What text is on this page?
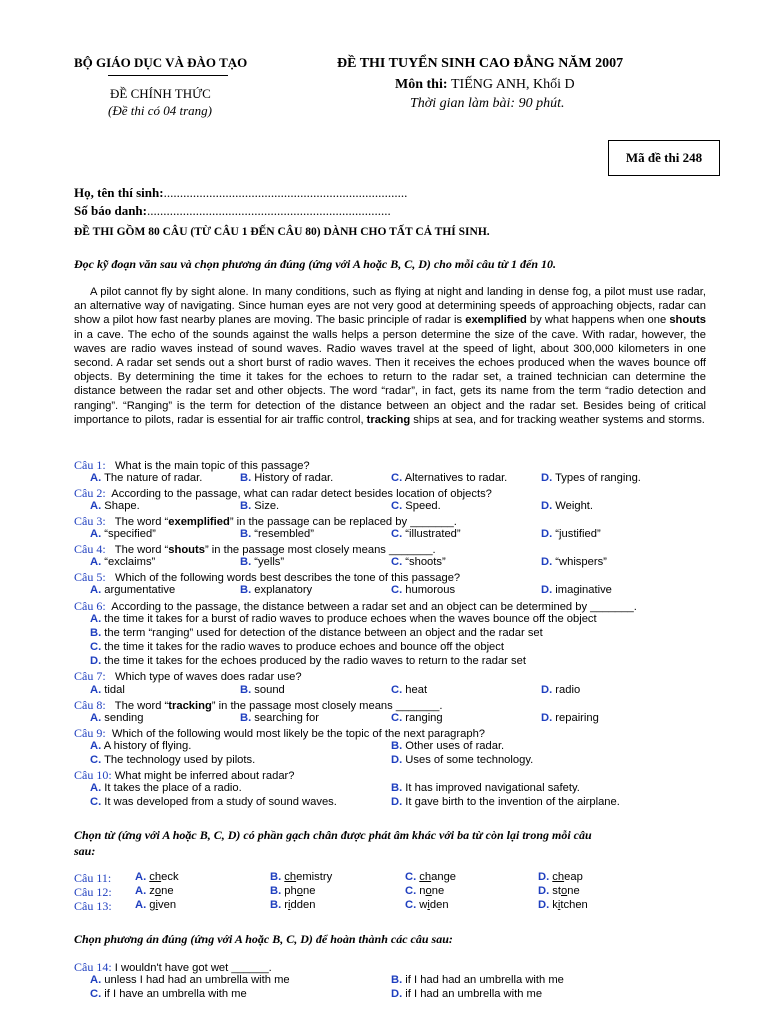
BỘ GIÁO DỤC VÀ ĐÀO TẠO
ĐỀ CHÍNH THỨC
(Đề thi có 04 trang)
ĐỀ THI TUYỂN SINH CAO ĐẲNG NĂM 2007
Môn thi: TIẾNG ANH, Khối D
Thời gian làm bài: 90 phút.
Mã đề thi 248
Họ, tên thí sinh:...........................................................................
Số báo danh:...........................................................................
ĐỀ THI GỒM 80 CÂU (TỪ CÂU 1 ĐẾN CÂU 80) DÀNH CHO TẤT CẢ THÍ SINH.
Đọc kỹ đoạn văn sau và chọn phương án đúng (ứng với A hoặc B, C, D) cho mỗi câu từ 1 đến 10.
A pilot cannot fly by sight alone. In many conditions, such as flying at night and landing in dense fog, a pilot must use radar, an alternative way of navigating. Since human eyes are not very good at determining speeds of approaching objects, radar can show a pilot how fast nearby planes are moving. The basic principle of radar is exemplified by what happens when one shouts in a cave. The echo of the sounds against the walls helps a person determine the size of the cave. With radar, however, the waves are radio waves instead of sound waves. Radio waves travel at the speed of light, about 300,000 kilometers in one second. A radar set sends out a short burst of radio waves. Then it receives the echoes produced when the waves bounce off objects. By determining the time it takes for the echoes to return to the radar set, a trained technician can determine the distance between the radar set and other objects. The word “radar”, in fact, gets its name from the term “radio detection and ranging”. “Ranging” is the term for detection of the distance between an object and the radar set. Besides being of critical importance to pilots, radar is essential for air traffic control, tracking ships at sea, and for tracking weather systems and storms.
Câu 1: What is the main topic of this passage?
A. The nature of radar.	B. History of radar.	C. Alternatives to radar.	D. Types of ranging.
Câu 2: According to the passage, what can radar detect besides location of objects?
A. Shape.	B. Size.	C. Speed.	D. Weight.
Câu 3: The word “exemplified” in the passage can be replaced by _______.
A. “specified”	B. “resembled”	C. “illustrated”	D. “justified”
Câu 4: The word “shouts” in the passage most closely means _______.
A. “exclaims”	B. “yells”	C. “shoots”	D. “whispers”
Câu 5: Which of the following words best describes the tone of this passage?
A. argumentative	B. explanatory	C. humorous	D. imaginative
Câu 6: According to the passage, the distance between a radar set and an object can be determined by _______.
A. the time it takes for a burst of radio waves to produce echoes when the waves bounce off the object
B. the term “ranging” used for detection of the distance between an object and the radar set
C. the time it takes for the radio waves to produce echoes and bounce off the object
D. the time it takes for the echoes produced by the radio waves to return to the radar set
Câu 7: Which type of waves does radar use?
A. tidal	B. sound	C. heat	D. radio
Câu 8: The word “tracking” in the passage most closely means _______.
A. sending	B. searching for	C. ranging	D. repairing
Câu 9: Which of the following would most likely be the topic of the next paragraph?
A. A history of flying.	B. Other uses of radar.
C. The technology used by pilots.	D. Uses of some technology.
Câu 10: What might be inferred about radar?
A. It takes the place of a radio.	B. It has improved navigational safety.
C. It was developed from a study of sound waves.	D. It gave birth to the invention of the airplane.
Chọn từ (ứng với A hoặc B, C, D) có phần gạch chân được phát âm khác với ba từ còn lại trong mỗi câu
sau:
Câu 11: A. check	B. chemistry	C. change	D. cheap
Câu 12: A. zone	B. phone	C. none	D. stone
Câu 13: A. given	B. ridden	C. widen	D. kitchen
Chọn phương án đúng (ứng với A hoặc B, C, D) để hoàn thành các câu sau:
Câu 14: I wouldn't have got wet ______.
A. unless I had had an umbrella with me	B. if I had had an umbrella with me
C. if I have an umbrella with me	D. if I had an umbrella with me
